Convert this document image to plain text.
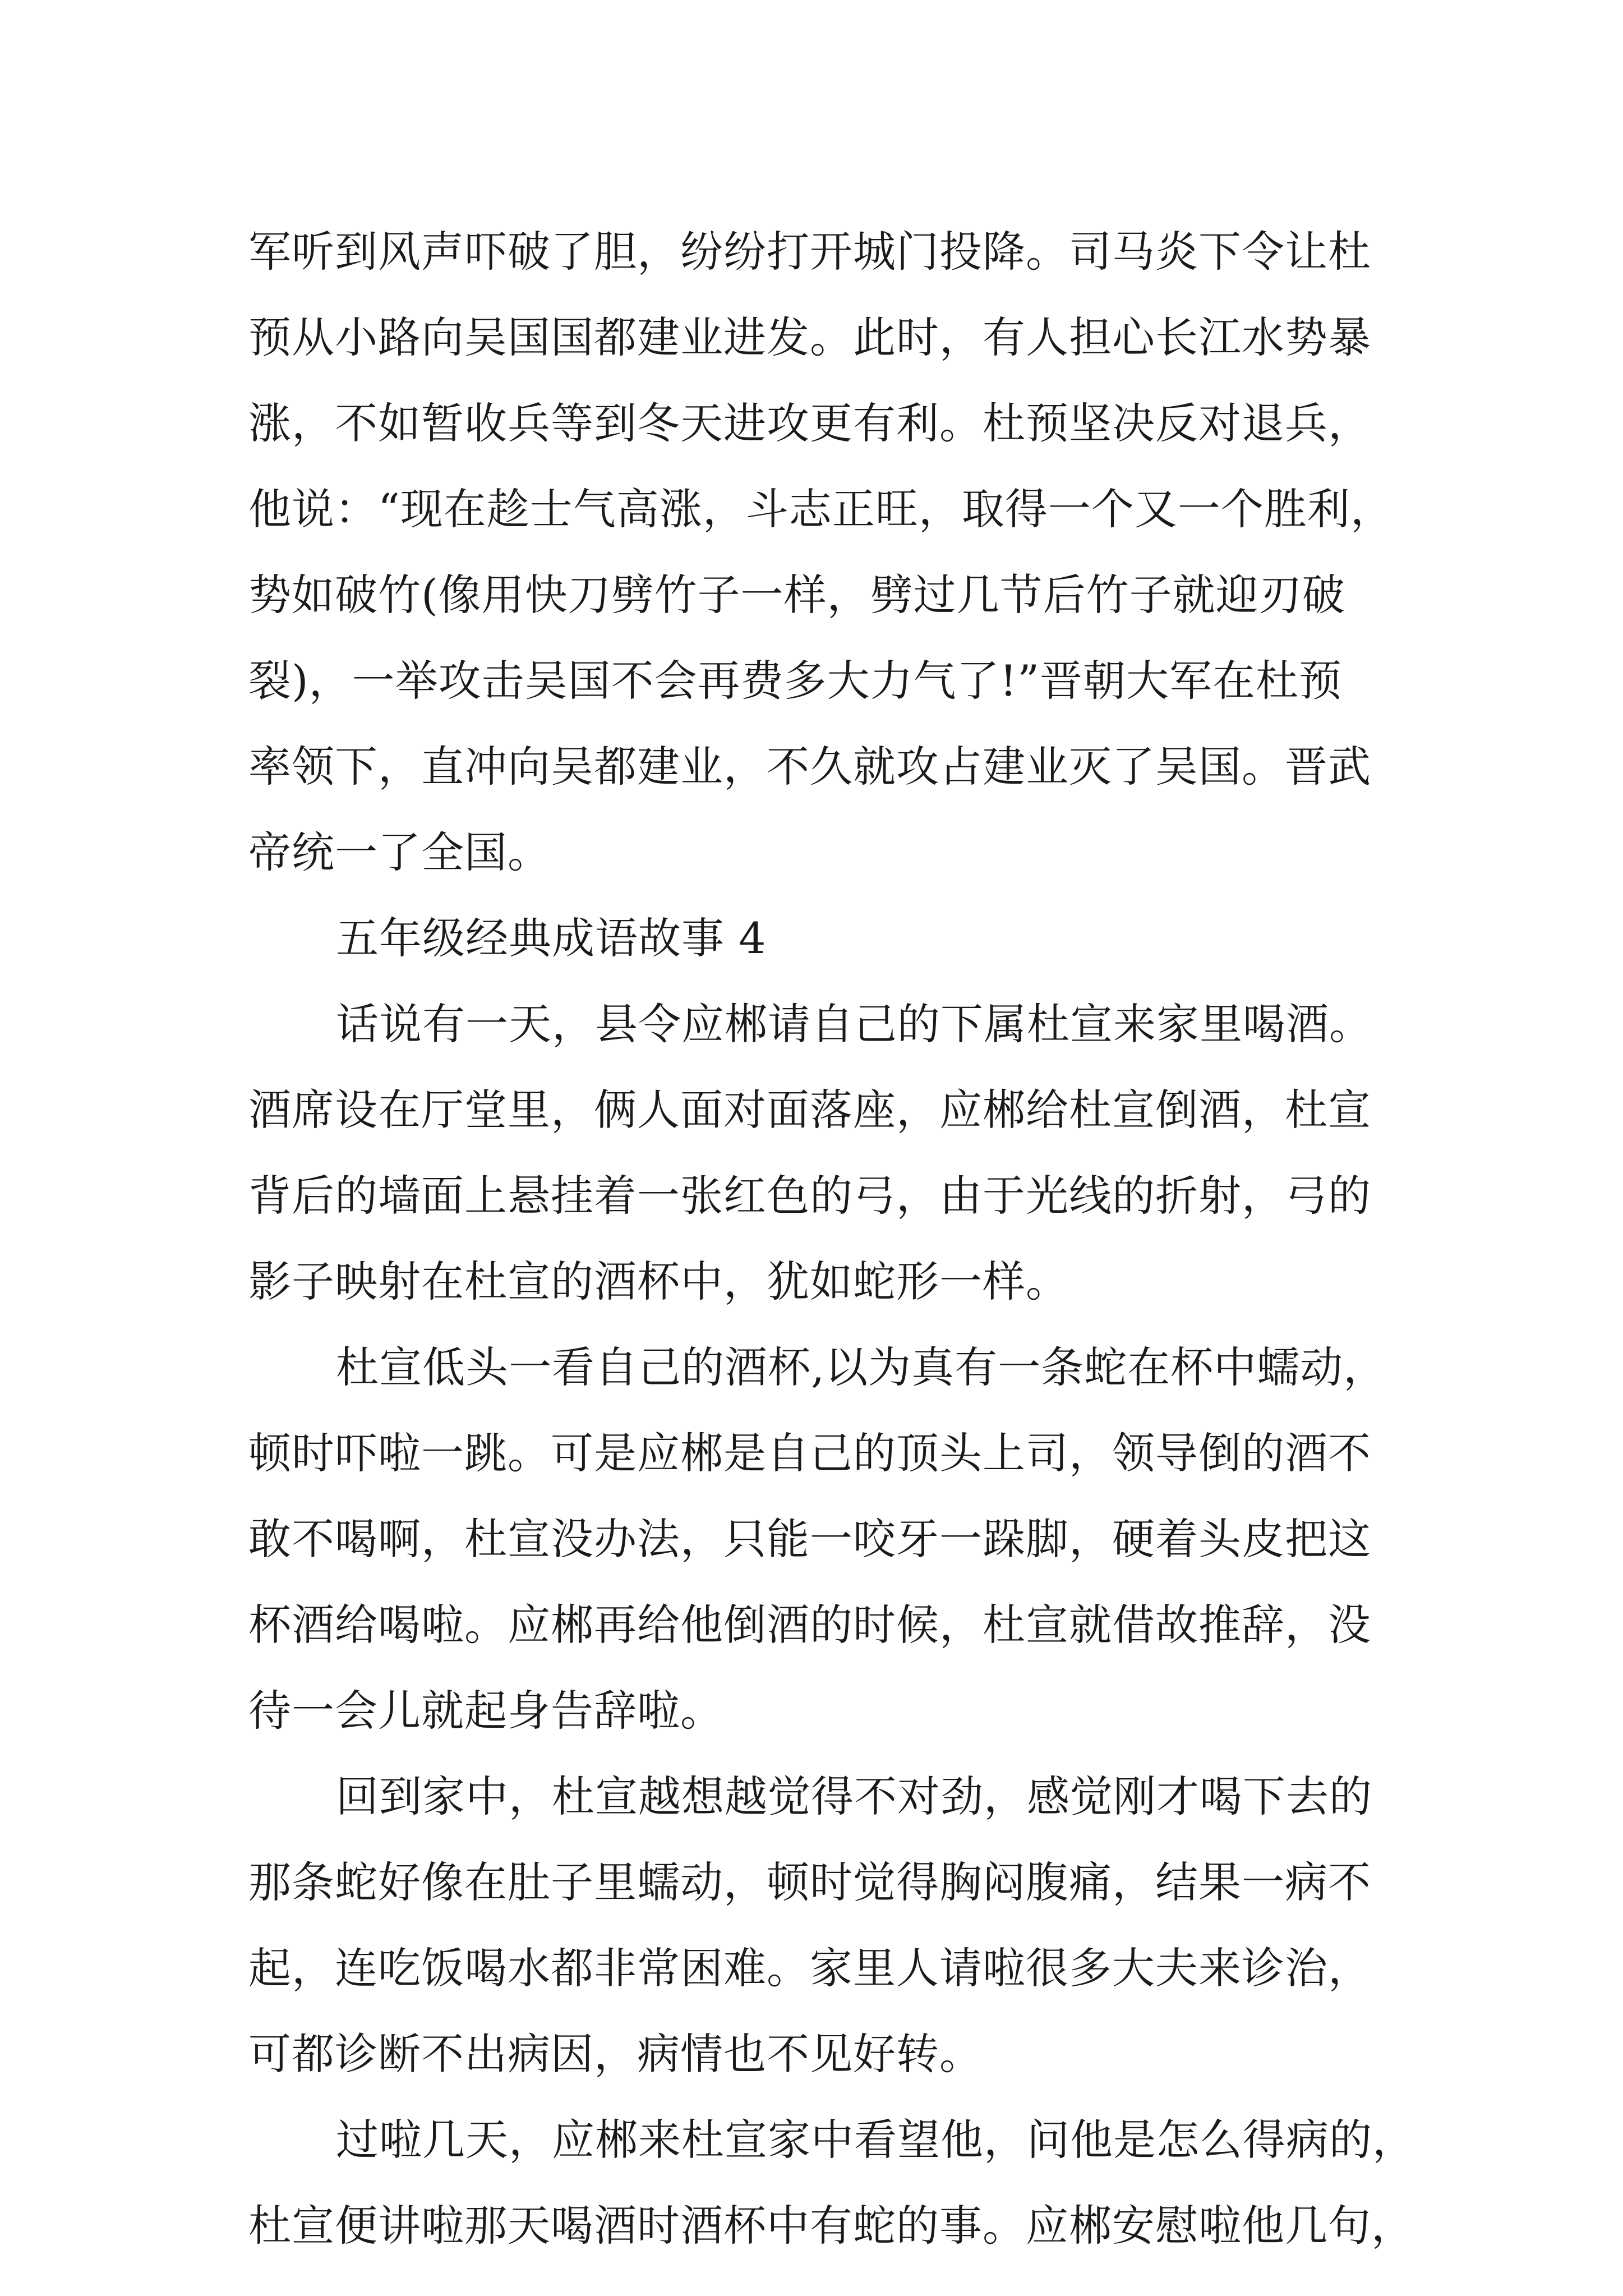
军听到风声吓破了胆，纷纷打开城门投降。司马炎下令让杜
预从小路向吴国国都建业进发。此时，有人担心长江水势暴
涨，不如暂收兵等到冬天进攻更有利。杜预坚决反对退兵，
他说：“现在趁士气高涨，斗志正旺，取得一个又一个胜利，
势如破竹(像用快刀劈竹子一样，劈过几节后竹子就迎刃破
裂)，一举攻击吴国不会再费多大力气了!”晋朝大军在杜预
率领下，直冲向吴都建业，不久就攻占建业灭了吴国。晋武
帝统一了全国。
五年级经典成语故事 4
话说有一天，县令应郴请自己的下属杜宣来家里喝酒。
酒席设在厅堂里，俩人面对面落座，应郴给杜宣倒酒，杜宣
背后的墙面上悬挂着一张红色的弓，由于光线的折射，弓的
影子映射在杜宣的酒杯中，犹如蛇形一样。
杜宣低头一看自己的酒杯,以为真有一条蛇在杯中蠕动，
顿时吓啦一跳。可是应郴是自己的顶头上司，领导倒的酒不
敢不喝啊，杜宣没办法，只能一咬牙一跺脚，硬着头皮把这
杯酒给喝啦。应郴再给他倒酒的时候，杜宣就借故推辞，没
待一会儿就起身告辞啦。
回到家中，杜宣越想越觉得不对劲，感觉刚才喝下去的
那条蛇好像在肚子里蠕动，顿时觉得胸闷腹痛，结果一病不
起，连吃饭喝水都非常困难。家里人请啦很多大夫来诊治，
可都诊断不出病因，病情也不见好转。
过啦几天，应郴来杜宣家中看望他，问他是怎么得病的，
杜宣便讲啦那天喝酒时酒杯中有蛇的事。应郴安慰啦他几句，
